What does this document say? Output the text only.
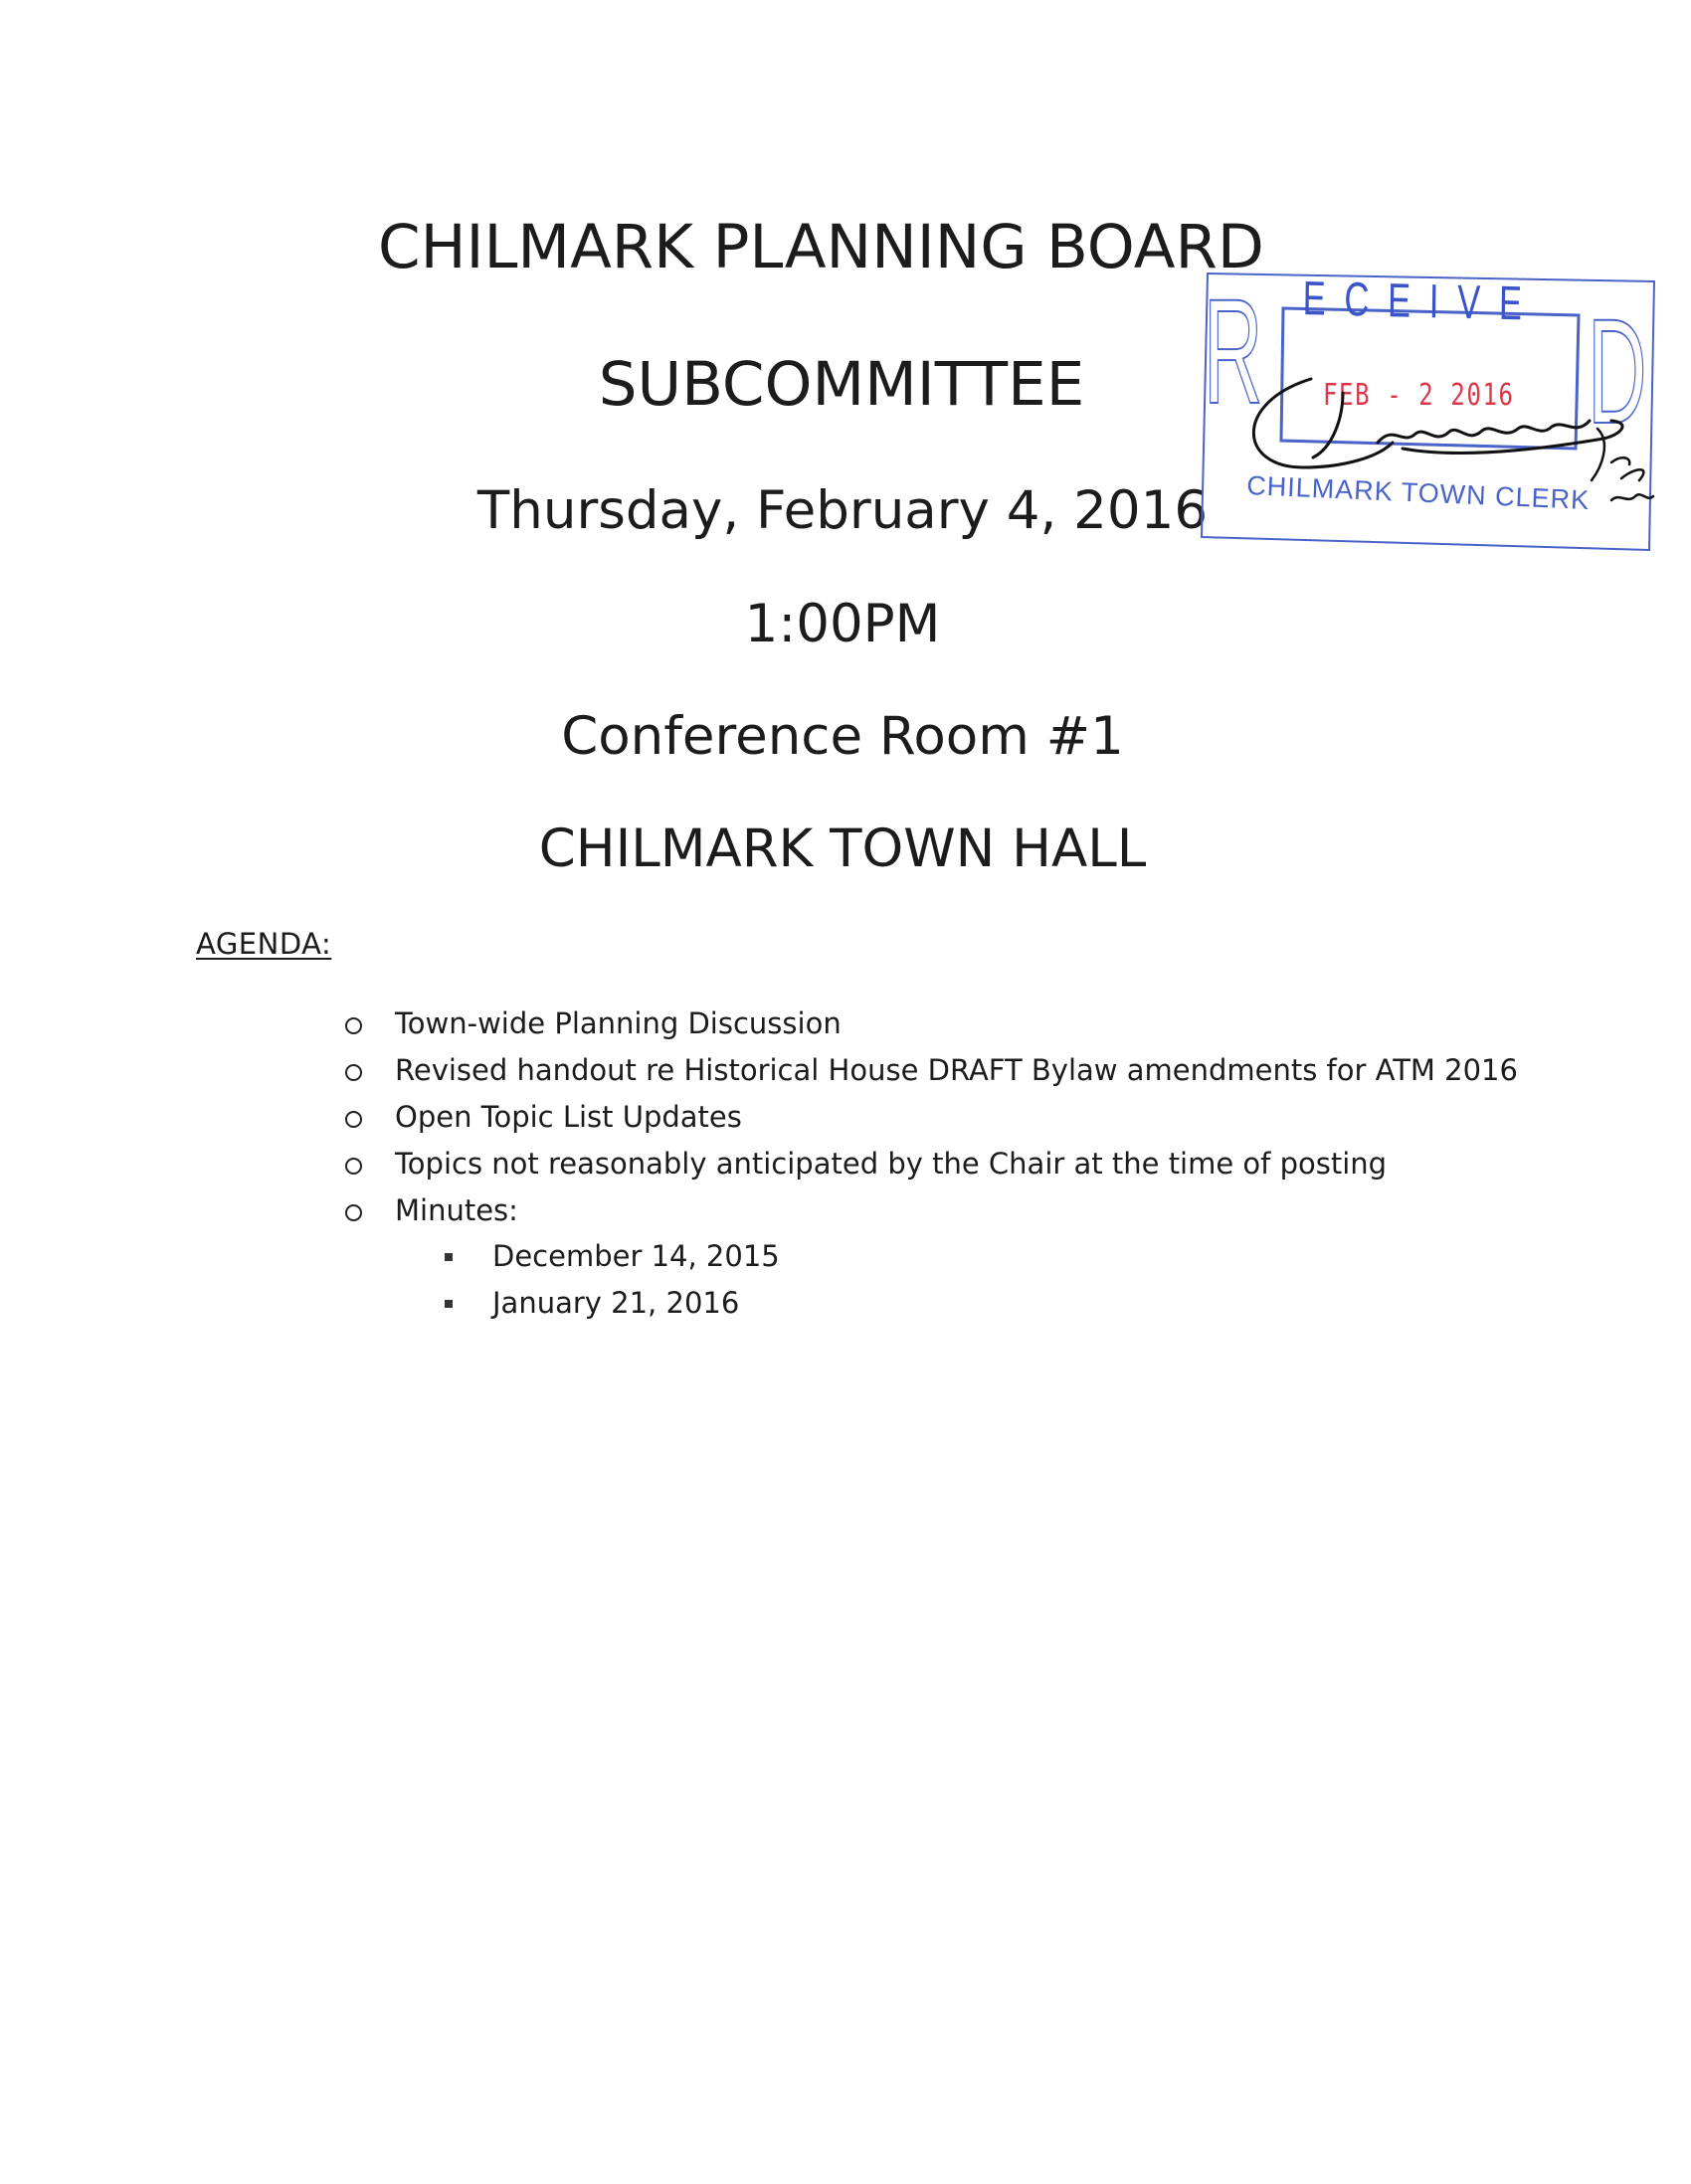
CHILMARK PLANNING BOARD
SUBCOMMITTEE
Thursday, February 4, 2016
1:00PM
Conference Room #1
CHILMARK TOWN HALL
AGENDA:
Town-wide Planning Discussion
Revised handout re Historical House DRAFT Bylaw amendments for ATM 2016
Open Topic List Updates
Topics not reasonably anticipated by the Chair at the time of posting
Minutes:
December 14, 2015
January 21, 2016
R D
ECEIVE
FEB - 2 2016
CHILMARK TOWN CLERK
